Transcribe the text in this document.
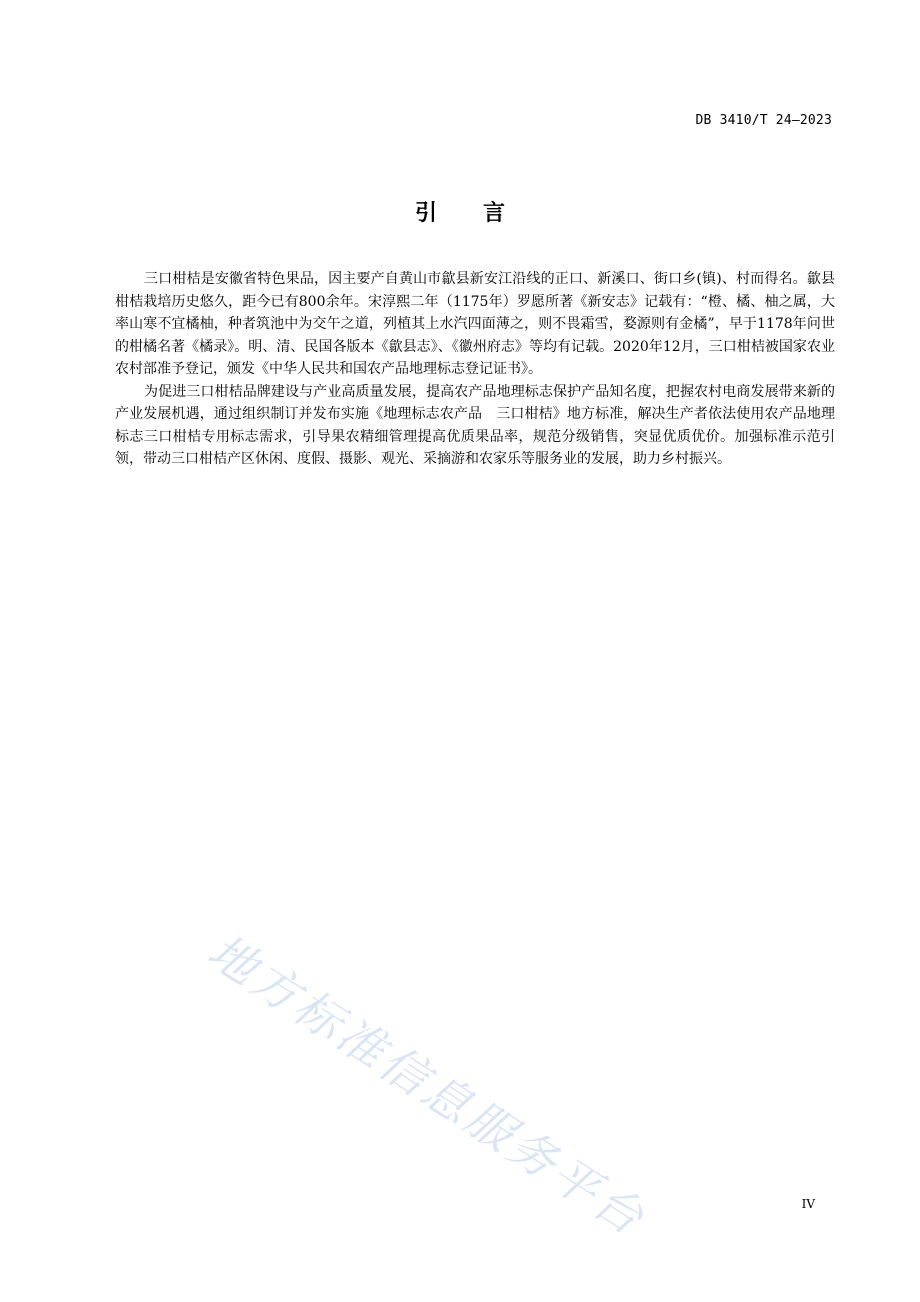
DB 3410/T 24—2023
引言

三口柑桔是安徽省特色果品，因主要产自黄山市歙县新安江沿线的正口、新溪口、街口乡(镇)、村而得名。歙县柑桔栽培历史悠久，距今已有800余年。宋淳熙二年（1175年）罗愿所著《新安志》记载有：“橙、橘、柚之属，大率山寒不宜橘柚，种者筑池中为交午之道，列植其上水汽四面薄之，则不畏霜雪，婺源则有金橘”，早于1178年问世的柑橘名著《橘录》。明、清、民国各版本《歙县志》、《徽州府志》等均有记载。2020年12月，三口柑桔被国家农业农村部准予登记，颁发《中华人民共和国农产品地理标志登记证书》。

为促进三口柑桔品牌建设与产业高质量发展，提高农产品地理标志保护产品知名度，把握农村电商发展带来新的产业发展机遇，通过组织制订并发布实施《地理标志农产品　三口柑桔》地方标准，解决生产者依法使用农产品地理标志三口柑桔专用标志需求，引导果农精细管理提高优质果品率，规范分级销售，突显优质优价。加强标准示范引领，带动三口柑桔产区休闲、度假、摄影、观光、采摘游和农家乐等服务业的发展，助力乡村振兴。

地方标准信息服务平台	IV
